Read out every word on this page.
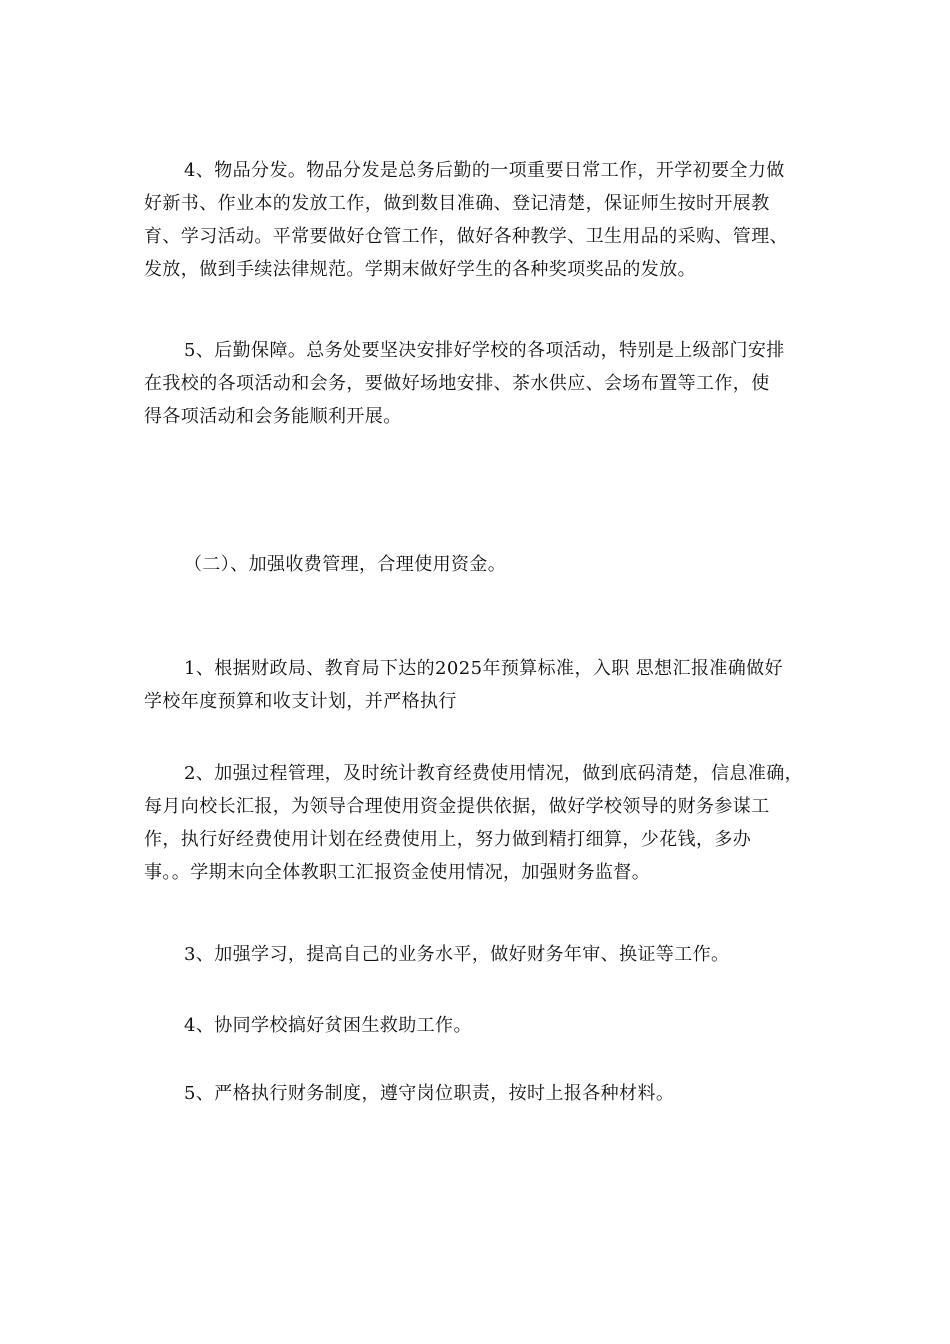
4、物品分发。物品分发是总务后勤的一项重要日常工作，开学初要全力做
好新书、作业本的发放工作，做到数目准确、登记清楚，保证师生按时开展教
育、学习活动。平常要做好仓管工作，做好各种教学、卫生用品的采购、管理、
发放，做到手续法律规范。学期末做好学生的各种奖项奖品的发放。
5、后勤保障。总务处要坚决安排好学校的各项活动，特别是上级部门安排
在我校的各项活动和会务，要做好场地安排、茶水供应、会场布置等工作，使
得各项活动和会务能顺利开展。

（二）、加强收费管理，合理使用资金。

1、根据财政局、教育局下达的2025年预算标准，入职 思想汇报准确做好
学校年度预算和收支计划，并严格执行
2、加强过程管理，及时统计教育经费使用情况，做到底码清楚，信息准确，
每月向校长汇报，为领导合理使用资金提供依据，做好学校领导的财务参谋工
作，执行好经费使用计划在经费使用上，努力做到精打细算，少花钱，多办
事。。学期末向全体教职工汇报资金使用情况，加强财务监督。
3、加强学习，提高自己的业务水平，做好财务年审、换证等工作。
4、协同学校搞好贫困生救助工作。
5、严格执行财务制度，遵守岗位职责，按时上报各种材料。
